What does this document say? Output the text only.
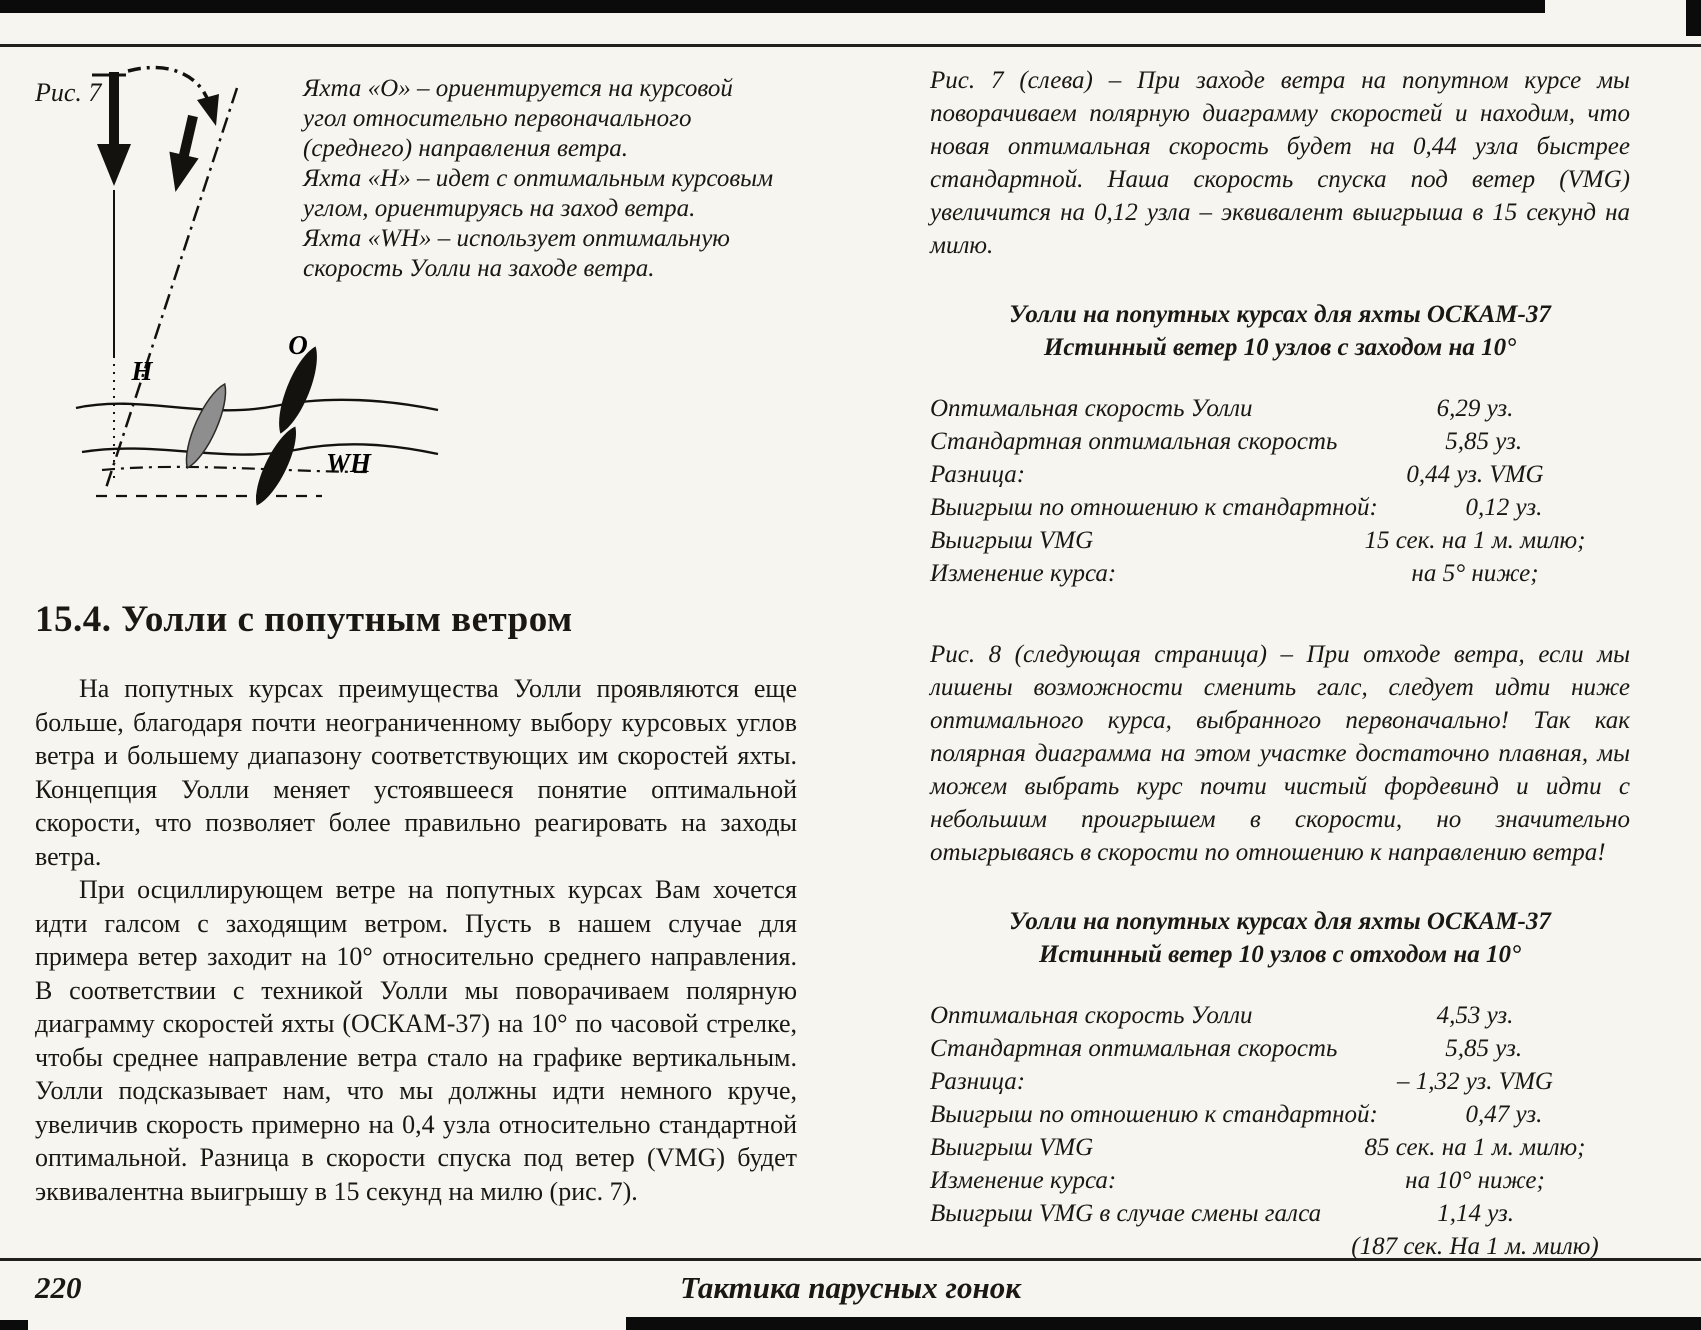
H
O
WH
Рис. 7	Яхта «О» – ориентируется на курсовой угол относительно первоначального (среднего) направления ветра.

Яхта «Н» – идет с оптимальным курсовым углом, ориентируясь на заход ветра.

Яхта «WH» – использует оптимальную скорость Уолли на заходе ветра.

15.4. Уолли с попутным ветром

На попутных курсах преимущества Уолли проявляются еще больше, благодаря почти неограниченному выбору курсовых углов ветра и большему диапазону соответствующих им скоростей яхты. Концепция Уолли меняет устоявшееся понятие оптимальной скорости, что позволяет более правильно реагировать на заходы ветра.

При осциллирующем ветре на попутных курсах Вам хочется идти галсом с заходящим ветром. Пусть в нашем случае для примера ветер заходит на 10° относительно среднего направления. В соответствии с техникой Уолли мы поворачиваем полярную диаграмму скоростей яхты (ОСКАМ-37) на 10° по часовой стрелке, чтобы среднее направление ветра стало на графике вертикальным. Уолли подсказывает нам, что мы должны идти немного круче, увеличив скорость примерно на 0,4 узла относительно стандартной оптимальной. Разница в скорости спуска под ветер (VMG) будет эквивалентна выигрышу в 15 секунд на милю (рис. 7).

Рис. 7 (слева) – При заходе ветра на попутном курсе мы поворачиваем полярную диаграмму скоростей и находим, что новая оптимальная скорость будет на 0,44 узла быстрее стандартной. Наша скорость спуска под ветер (VMG) увеличится на 0,12 узла – эквивалент выигрыша в 15 секунд на милю.

Уолли на попутных курсах для яхты ОСКАМ-37
Истинный ветер 10 узлов с заходом на 10°
Оптимальная скорость Уолли	6,29 уз.
Стандартная оптимальная скорость	5,85 уз.
Разница:	0,44 уз. VMG
Выигрыш по отношению к стандартной:	0,12 уз.
Выигрыш VMG	15 сек. на 1 м. милю;
Изменение курса:	на 5° ниже;

Рис. 8 (следующая страница) – При отходе ветра, если мы лишены возможности сменить галс, следует идти ниже оптимального курса, выбранного первоначально! Так как полярная диаграмма на этом участке достаточно плавная, мы можем выбрать курс почти чистый фордевинд и идти с небольшим проигрышем в скорости, но значительно отыгрываясь в скорости по отношению к направлению ветра!

Уолли на попутных курсах для яхты ОСКАМ-37
Истинный ветер 10 узлов с отходом на 10°
Оптимальная скорость Уолли	4,53 уз.
Стандартная оптимальная скорость	5,85 уз.
Разница:	– 1,32 уз. VMG
Выигрыш по отношению к стандартной:	0,47 уз.
Выигрыш VMG	85 сек. на 1 м. милю;
Изменение курса:	на 10° ниже;
Выигрыш VMG в случае смены галса	1,14 уз.
(187 сек. На 1 м. милю)
220	Тактика парусных гонок
